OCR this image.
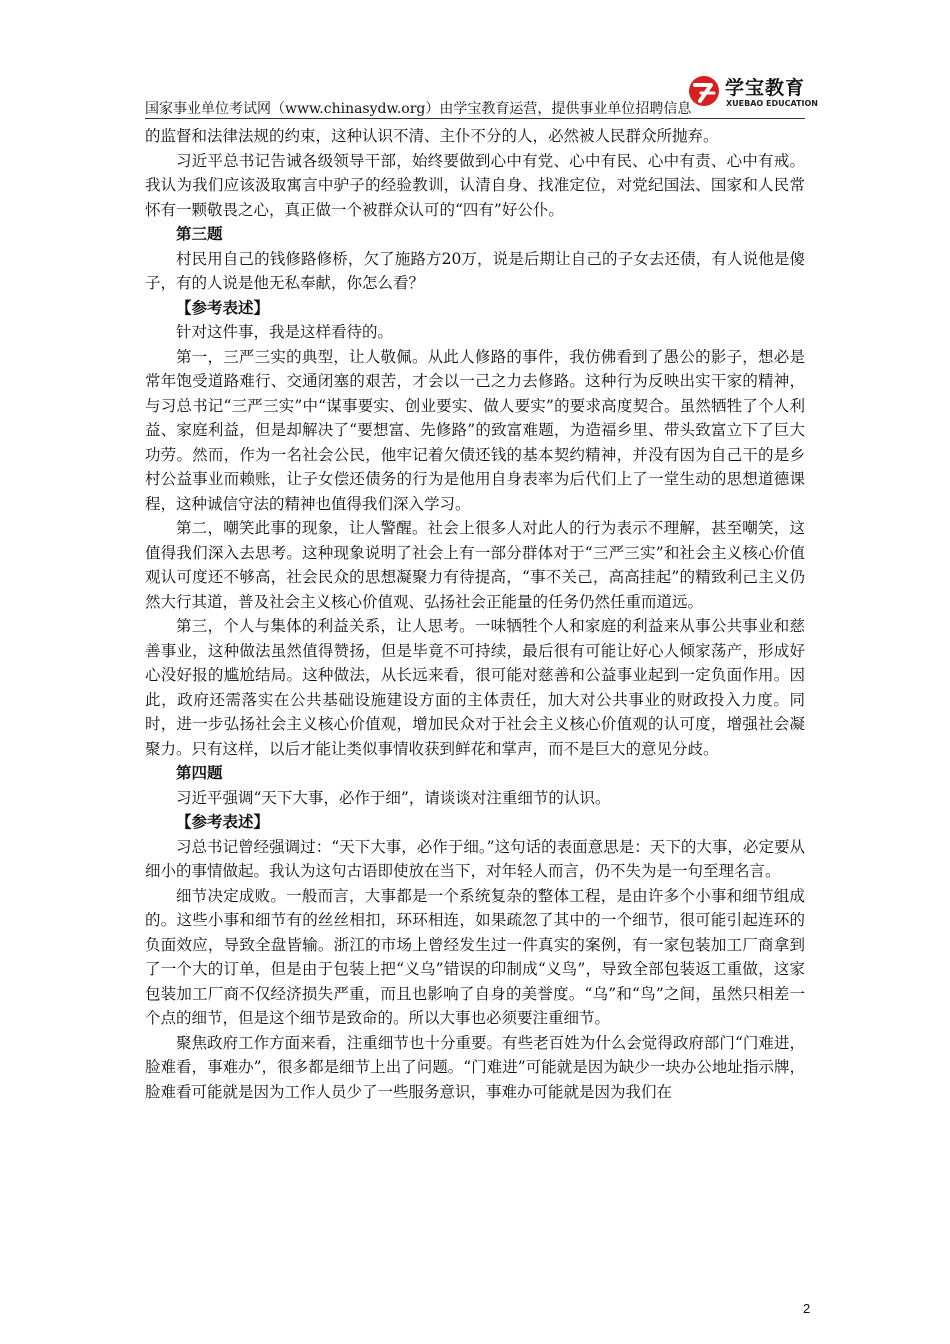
学宝教育
XUEBAO EDUCATION
国家事业单位考试网（www.chinasydw.org）由学宝教育运营，提供事业单位招聘信息

的监督和法律法规的约束，这种认识不清、主仆不分的人，必然被人民群众所抛弃。

习近平总书记告诫各级领导干部，始终要做到心中有党、心中有民、心中有责、心中有戒。我认为我们应该汲取寓言中驴子的经验教训，认清自身、找准定位，对党纪国法、国家和人民常怀有一颗敬畏之心，真正做一个被群众认可的“四有”好公仆。

第三题

村民用自己的钱修路修桥，欠了施路方20万，说是后期让自己的子女去还债，有人说他是傻子，有的人说是他无私奉献，你怎么看？

【参考表述】

针对这件事，我是这样看待的。

第一，三严三实的典型，让人敬佩。从此人修路的事件，我仿佛看到了愚公的影子，想必是常年饱受道路难行、交通闭塞的艰苦，才会以一己之力去修路。这种行为反映出实干家的精神，与习总书记“三严三实”中“谋事要实、创业要实、做人要实”的要求高度契合。虽然牺牲了个人利益、家庭利益，但是却解决了“要想富、先修路”的致富难题，为造福乡里、带头致富立下了巨大功劳。然而，作为一名社会公民，他牢记着欠债还钱的基本契约精神，并没有因为自己干的是乡村公益事业而赖账，让子女偿还债务的行为是他用自身表率为后代们上了一堂生动的思想道德课程，这种诚信守法的精神也值得我们深入学习。

第二，嘲笑此事的现象，让人警醒。社会上很多人对此人的行为表示不理解，甚至嘲笑，这值得我们深入去思考。这种现象说明了社会上有一部分群体对于“三严三实”和社会主义核心价值观认可度还不够高，社会民众的思想凝聚力有待提高，“事不关己，高高挂起”的精致利己主义仍然大行其道，普及社会主义核心价值观、弘扬社会正能量的任务仍然任重而道远。

第三，个人与集体的利益关系，让人思考。一味牺牲个人和家庭的利益来从事公共事业和慈善事业，这种做法虽然值得赞扬，但是毕竟不可持续，最后很有可能让好心人倾家荡产，形成好心没好报的尴尬结局。这种做法，从长远来看，很可能对慈善和公益事业起到一定负面作用。因此，政府还需落实在公共基础设施建设方面的主体责任，加大对公共事业的财政投入力度。同时，进一步弘扬社会主义核心价值观，增加民众对于社会主义核心价值观的认可度，增强社会凝聚力。只有这样，以后才能让类似事情收获到鲜花和掌声，而不是巨大的意见分歧。

第四题

习近平强调“天下大事，必作于细”，请谈谈对注重细节的认识。

【参考表述】

习总书记曾经强调过：“天下大事，必作于细。”这句话的表面意思是：天下的大事，必定要从细小的事情做起。我认为这句古语即使放在当下，对年轻人而言，仍不失为是一句至理名言。

细节决定成败。一般而言，大事都是一个系统复杂的整体工程，是由许多个小事和细节组成的。这些小事和细节有的丝丝相扣，环环相连，如果疏忽了其中的一个细节，很可能引起连环的负面效应，导致全盘皆输。浙江的市场上曾经发生过一件真实的案例，有一家包装加工厂商拿到了一个大的订单，但是由于包装上把“义乌”错误的印制成“义鸟”，导致全部包装返工重做，这家包装加工厂商不仅经济损失严重，而且也影响了自身的美誉度。“乌”和“鸟”之间，虽然只相差一个点的细节，但是这个细节是致命的。所以大事也必须要注重细节。

聚焦政府工作方面来看，注重细节也十分重要。有些老百姓为什么会觉得政府部门“门难进，脸难看，事难办”，很多都是细节上出了问题。“门难进”可能就是因为缺少一块办公地址指示牌，脸难看可能就是因为工作人员少了一些服务意识，事难办可能就是因为我们在

2
